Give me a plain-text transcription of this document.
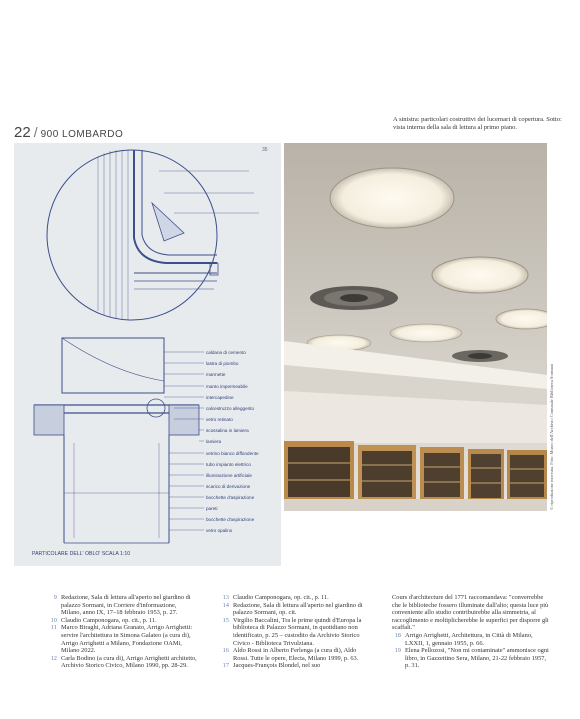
22 / 900 LOMBARDO
A sinistra: particolari costruttivi dei lucernari di copertura. Sotto: vista interna della sala di lettura al primo piano.
35
caldana di cemento
lastra di piombo
marmette
manto impermeabile
intercapedine
calcestruzzo alleggerito
vetro retinato
scossalina in lamiera
lamiera
vetrino bianco diffondente
tubo impianto elettrico
illuminazione artificiale
scarico di derivazione
bocchette d'aspirazione
pareti
bocchette d'aspirazione
vetro opalino
PARTICOLARE DELL' OBLO' SCALA 1:10
© riproduzione riservata. Foto: Museo dell'Archivio Comunale Biblioteca Sormani
9 Redazione, Sala di lettura all'aperto nel giardino di palazzo Sormani, in Corriere d'informazione, Milano, anno IX, 17–18 febbraio 1953, p. 27.
10 Claudio Camponogara, op. cit., p. 11.
11 Marco Biraghi, Adriana Granato, Arrigo Arrighetti: servire l'architettura in Simona Galateo (a cura di), Arrigo Arrighetti a Milano, Fondazione OAMi, Milano 2022.
12 Carla Bodino (a cura di), Arrigo Arrighetti architetto, Archivio Storico Civico, Milano 1990, pp. 28-29.
13 Claudio Camponogara, op. cit., p. 11.
14 Redazione, Sala di lettura all'aperto nel giardino di palazzo Sormani, op. cit.
15 Virgilio Baccalini, Tra le prime quindi d'Europa la biblioteca di Palazzo Sormani, in quotidiano non identificato, p. 25 – custodito da Archivio Storico Civico - Biblioteca Trivulziana.
16 Aldo Rossi in Alberto Ferlenga (a cura di), Aldo Rossi. Tutte le opere, Electa, Milano 1999, p. 63.
17 Jacques-François Blondel, nel suo
Cours d'architecture del 1771 raccomandava: "converrebbe che le biblioteche fossero illuminate dall'alto; questa luce più conveniente allo studio contribuirebbe alla simmetria, al raccoglimento e moltiplicherebbe le superfici per disporre gli scaffali."
18 Arrigo Arrighetti, Architettura, in Città di Milano, LXXII, 1, gennaio 1955, p. 66.
19 Elena Pellozosi, "Non mi contaminate" ammonisce ogni libro, in Gazzettino Sera, Milano, 21-22 febbraio 1957, p. 31.
